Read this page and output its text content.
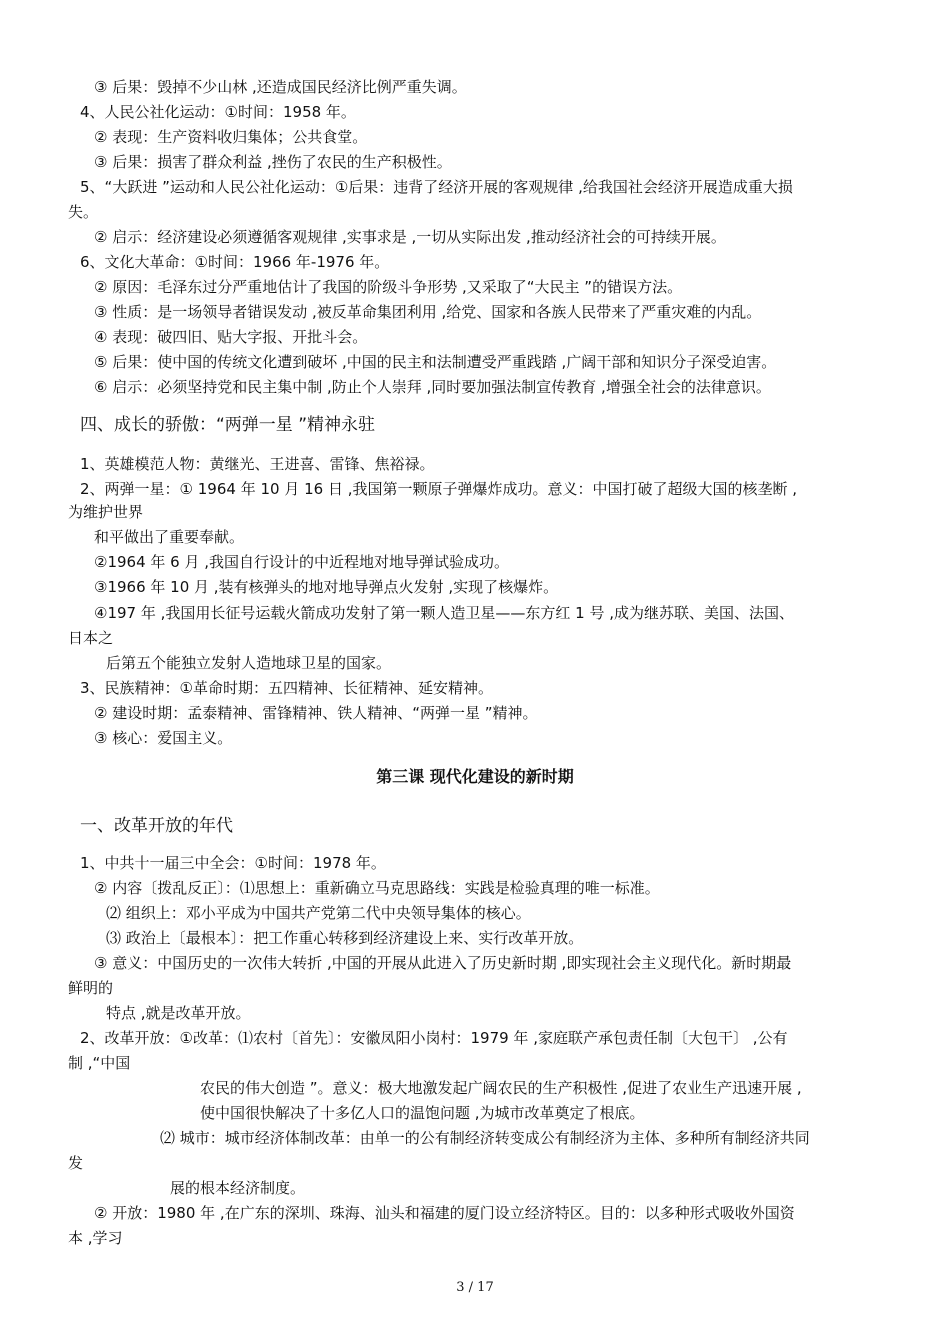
③ 后果：毁掉不少山林 ,还造成国民经济比例严重失调。
4、人民公社化运动：①时间：1958 年。
② 表现：生产资料收归集体；公共食堂。
③ 后果：损害了群众利益 ,挫伤了农民的生产积极性。
5、“大跃进 ”运动和人民公社化运动：①后果：违背了经济开展的客观规律 ,给我国社会经济开展造成重大损
失。
② 启示：经济建设必须遵循客观规律 ,实事求是 ,一切从实际出发 ,推动经济社会的可持续开展。
6、文化大革命：①时间：1966 年-1976 年。
② 原因：毛泽东过分严重地估计了我国的阶级斗争形势 ,又采取了“大民主 ”的错误方法。
③ 性质：是一场领导者错误发动 ,被反革命集团利用 ,给党、国家和各族人民带来了严重灾难的内乱。
④ 表现：破四旧、贴大字报、开批斗会。
⑤ 后果：使中国的传统文化遭到破坏 ,中国的民主和法制遭受严重践踏 ,广阔干部和知识分子深受迫害。
⑥ 启示：必须坚持党和民主集中制 ,防止个人崇拜 ,同时要加强法制宣传教育 ,增强全社会的法律意识。
四、成长的骄傲：“两弹一星 ”精神永驻
1、英雄模范人物：黄继光、王进喜、雷锋、焦裕禄。
2、两弹一星：① 1964 年 10 月 16 日 ,我国第一颗原子弹爆炸成功。意义：中国打破了超级大国的核垄断 ,
为维护世界
和平做出了重要奉献。
②1964 年 6 月 ,我国自行设计的中近程地对地导弹试验成功。
③1966 年 10 月 ,装有核弹头的地对地导弹点火发射 ,实现了核爆炸。
④197 年 ,我国用长征号运载火箭成功发射了第一颗人造卫星——东方红 1 号 ,成为继苏联、美国、法国、
日本之
后第五个能独立发射人造地球卫星的国家。
3、民族精神：①革命时期：五四精神、长征精神、延安精神。
② 建设时期：孟泰精神、雷锋精神、铁人精神、“两弹一星 ”精神。
③ 核心：爱国主义。
第三课 现代化建设的新时期
一、改革开放的年代
1、中共十一届三中全会：①时间：1978 年。
② 内容〔拨乱反正〕：⑴思想上：重新确立马克思路线：实践是检验真理的唯一标准。
⑵ 组织上：邓小平成为中国共产党第二代中央领导集体的核心。
⑶ 政治上〔最根本〕：把工作重心转移到经济建设上来、实行改革开放。
③ 意义：中国历史的一次伟大转折 ,中国的开展从此进入了历史新时期 ,即实现社会主义现代化。新时期最
鲜明的
特点 ,就是改革开放。
2、改革开放：①改革：⑴农村〔首先〕：安徽凤阳小岗村：1979 年 ,家庭联产承包责任制〔大包干〕 ,公有
制 ,“中国
农民的伟大创造 ”。意义：极大地激发起广阔农民的生产积极性 ,促进了农业生产迅速开展 ,
使中国很快解决了十多亿人口的温饱问题 ,为城市改革奠定了根底。
⑵ 城市：城市经济体制改革：由单一的公有制经济转变成公有制经济为主体、多种所有制经济共同
发
展的根本经济制度。
② 开放：1980 年 ,在广东的深圳、珠海、汕头和福建的厦门设立经济特区。目的：以多种形式吸收外国资
本 ,学习
3 / 17
